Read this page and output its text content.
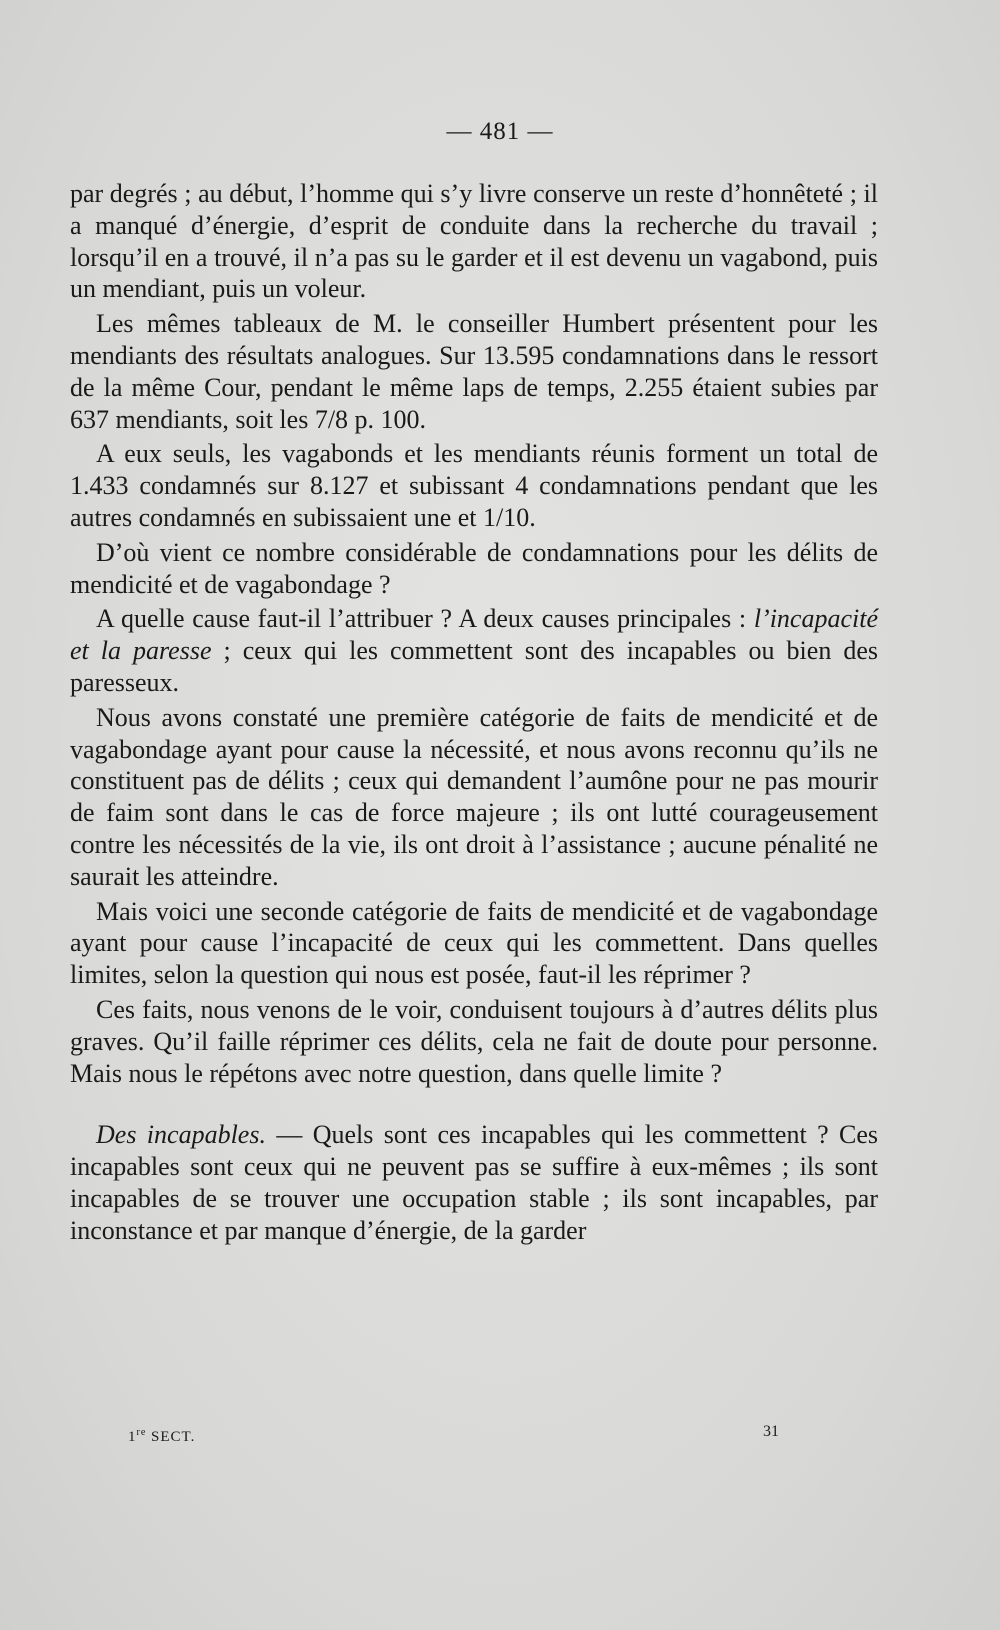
— 481 —

par degrés ; au début, l’homme qui s’y livre conserve un reste d’honnêteté ; il a manqué d’énergie, d’esprit de conduite dans la recherche du travail ; lorsqu’il en a trouvé, il n’a pas su le garder et il est devenu un vagabond, puis un mendiant, puis un voleur.

Les mêmes tableaux de M. le conseiller Humbert présentent pour les mendiants des résultats analogues. Sur 13.595 condamnations dans le ressort de la même Cour, pendant le même laps de temps, 2.255 étaient subies par 637 mendiants, soit les 7/8 p. 100.

A eux seuls, les vagabonds et les mendiants réunis forment un total de 1.433 condamnés sur 8.127 et subissant 4 condamnations pendant que les autres condamnés en subissaient une et 1/10.

D’où vient ce nombre considérable de condamnations pour les délits de mendicité et de vagabondage ?

A quelle cause faut-il l’attribuer ? A deux causes principales : l’incapacité et la paresse ; ceux qui les commettent sont des incapables ou bien des paresseux.

Nous avons constaté une première catégorie de faits de mendicité et de vagabondage ayant pour cause la nécessité, et nous avons reconnu qu’ils ne constituent pas de délits ; ceux qui demandent l’aumône pour ne pas mourir de faim sont dans le cas de force majeure ; ils ont lutté courageusement contre les nécessités de la vie, ils ont droit à l’assistance ; aucune pénalité ne saurait les atteindre.

Mais voici une seconde catégorie de faits de mendicité et de vagabondage ayant pour cause l’incapacité de ceux qui les commettent. Dans quelles limites, selon la question qui nous est posée, faut-il les réprimer ?

Ces faits, nous venons de le voir, conduisent toujours à d’autres délits plus graves. Qu’il faille réprimer ces délits, cela ne fait de doute pour personne. Mais nous le répétons avec notre question, dans quelle limite ?

Des incapables. — Quels sont ces incapables qui les commettent ? Ces incapables sont ceux qui ne peuvent pas se suffire à eux-mêmes ; ils sont incapables de se trouver une occupation stable ; ils sont incapables, par inconstance et par manque d’énergie, de la garder

1re SECT.	31
